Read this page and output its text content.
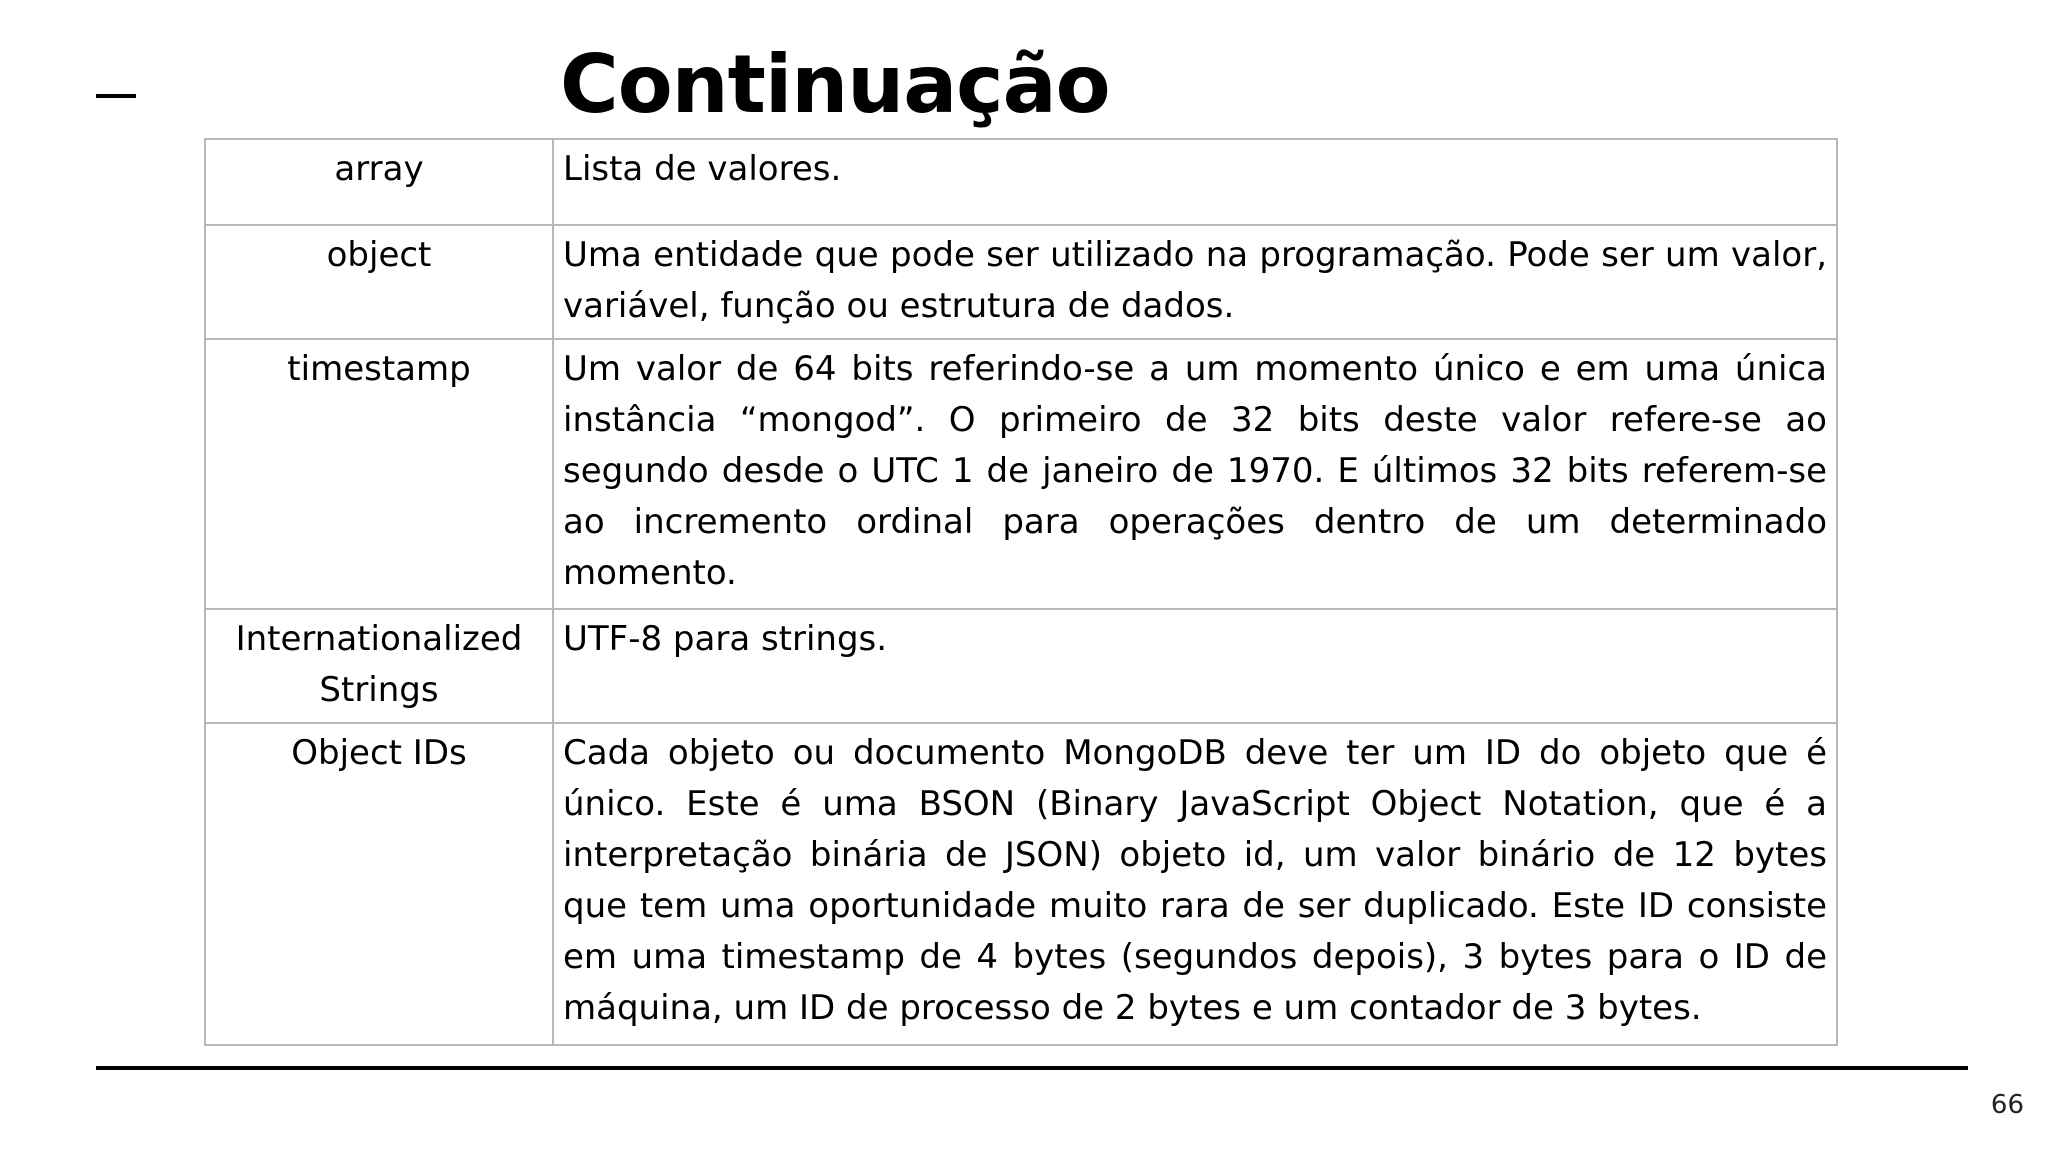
Continuação
array	Lista de valores.
object	Uma entidade que pode ser utilizado na programação. Pode ser um valor, variável, função ou estrutura de dados.
timestamp	Um valor de 64 bits referindo-se a um momento único e em uma única instância “mongod”. O primeiro de 32 bits deste valor refere-se ao segundo desde o UTC 1 de janeiro de 1970. E últimos 32 bits referem-se ao incremento ordinal para operações dentro de um determinado momento.
Internationalized Strings	UTF-8 para strings.
Object IDs	Cada objeto ou documento MongoDB deve ter um ID do objeto que é único. Este é uma BSON (Binary JavaScript Object Notation, que é a interpretação binária de JSON) objeto id, um valor binário de 12 bytes que tem uma oportunidade muito rara de ser duplicado. Este ID consiste em uma timestamp de 4 bytes (segundos depois), 3 bytes para o ID de máquina, um ID de processo de 2 bytes e um contador de 3 bytes.
66
